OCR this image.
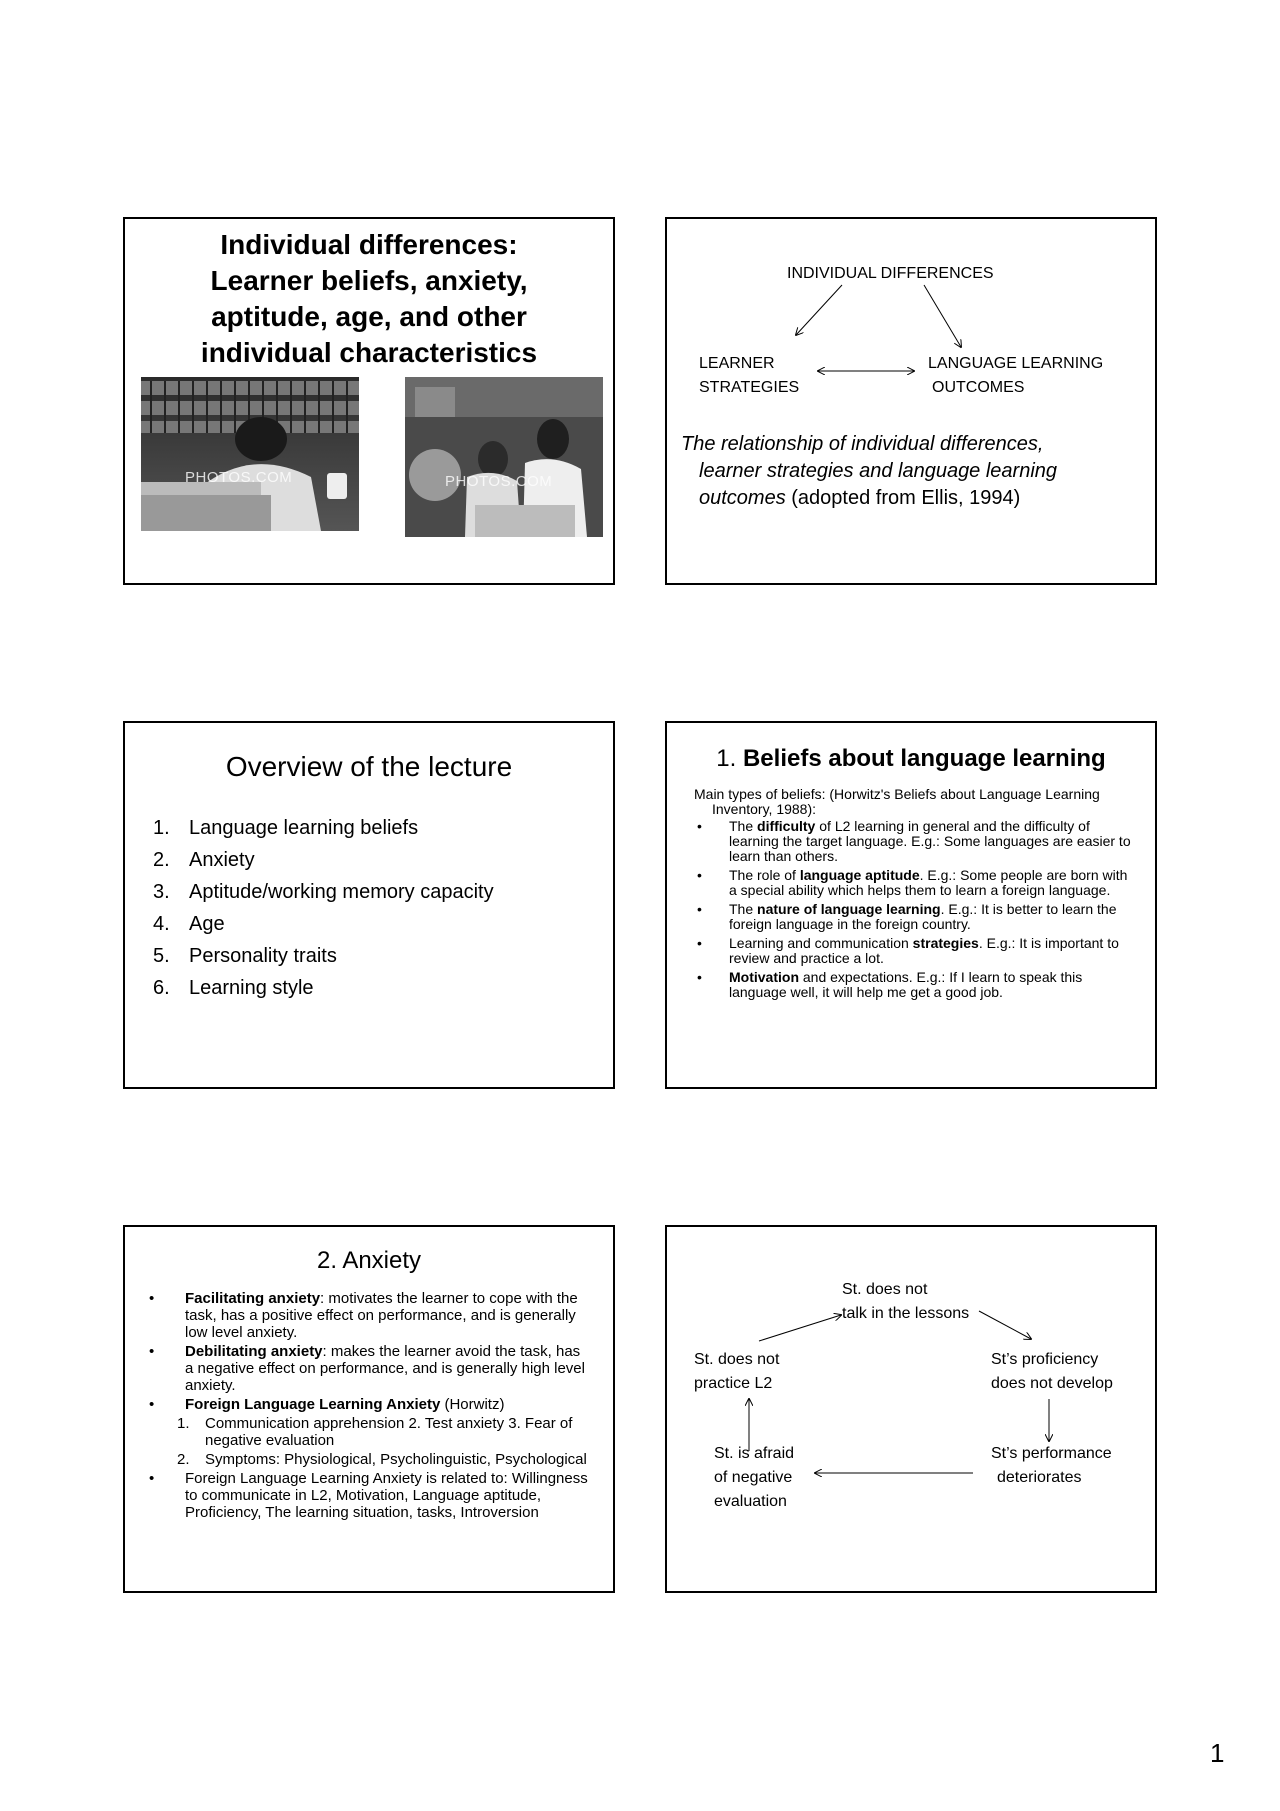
Individual differences:
Learner beliefs, anxiety,
aptitude, age, and other
individual characteristics
PHOTOS.COM	PHOTOS.COM
INDIVIDUAL DIFFERENCES
LEARNER
STRATEGIES
LANGUAGE LEARNING
OUTCOMES
The relationship of individual differences,
learner strategies and language learning
outcomes (adopted from Ellis, 1994)
Overview of the lecture
1. Language learning beliefs
2. Anxiety
3. Aptitude/working memory capacity
4. Age
5. Personality traits
6. Learning style
1. Beliefs about language learning
Main types of beliefs: (Horwitz's Beliefs about Language Learning Inventory, 1988):
•	The difficulty of L2 learning in general and the difficulty of learning the target language. E.g.: Some languages are easier to learn than others.
•	The role of language aptitude. E.g.: Some people are born with a special ability which helps them to learn a foreign language.
•	The nature of language learning. E.g.: It is better to learn the foreign language in the foreign country.
•	Learning and communication strategies. E.g.: It is important to review and practice a lot.
•	Motivation and expectations. E.g.: If I learn to speak this language well, it will help me get a good job.
2. Anxiety
•	Facilitating anxiety: motivates the learner to cope with the task, has a positive effect on performance, and is generally low level anxiety.
•	Debilitating anxiety: makes the learner avoid the task, has a negative effect on performance, and is generally high level anxiety.
•	Foreign Language Learning Anxiety (Horwitz)
1.	Communication apprehension 2. Test anxiety 3. Fear of negative evaluation
2.	Symptoms: Physiological, Psycholinguistic, Psychological
•	Foreign Language Learning Anxiety is related to: Willingness to communicate in L2, Motivation, Language aptitude, Proficiency, The learning situation, tasks, Introversion
St. does not
talk in the lessons
St. does not
practice L2
St’s proficiency
does not develop
St. is afraid
of negative
evaluation
St’s performance
deteriorates
1
